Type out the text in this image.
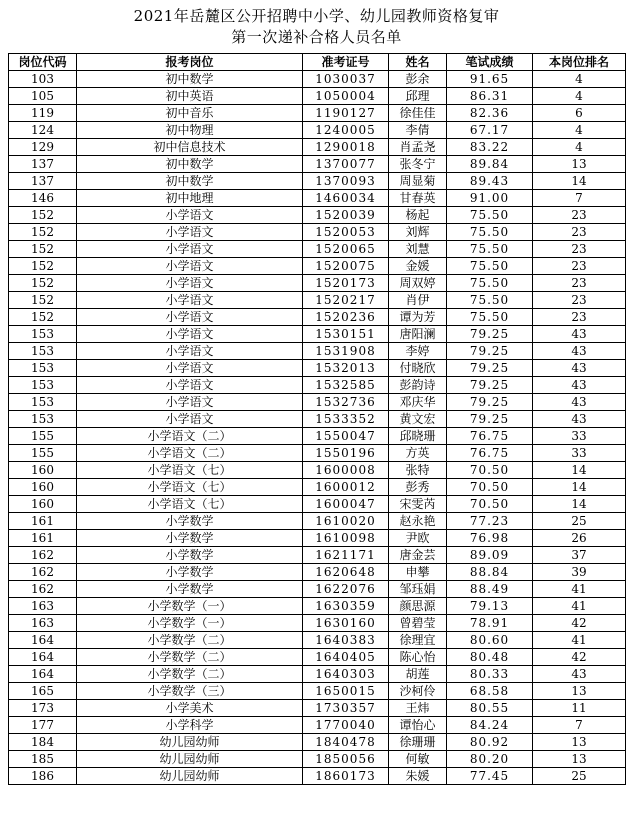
2021年岳麓区公开招聘中小学、幼儿园教师资格复审
第一次递补合格人员名单
岗位代码	报考岗位	准考证号	姓名	笔试成绩	本岗位排名
103	初中数学	1030037	彭余	91.65	4
105	初中英语	1050004	邱理	86.31	4
119	初中音乐	1190127	徐佳佳	82.36	6
124	初中物理	1240005	李倩	67.17	4
129	初中信息技术	1290018	肖孟尧	83.22	4
137	初中数学	1370077	张冬宁	89.84	13
137	初中数学	1370093	周显菊	89.43	14
146	初中地理	1460034	甘春英	91.00	7
152	小学语文	1520039	杨起	75.50	23
152	小学语文	1520053	刘辉	75.50	23
152	小学语文	1520065	刘慧	75.50	23
152	小学语文	1520075	金媛	75.50	23
152	小学语文	1520173	周双婷	75.50	23
152	小学语文	1520217	肖伊	75.50	23
152	小学语文	1520236	谭为芳	75.50	23
153	小学语文	1530151	唐阳澜	79.25	43
153	小学语文	1531908	李婷	79.25	43
153	小学语文	1532013	付晓欣	79.25	43
153	小学语文	1532585	彭韵诗	79.25	43
153	小学语文	1532736	邓庆华	79.25	43
153	小学语文	1533352	黄文宏	79.25	43
155	小学语文（二）	1550047	邱晓珊	76.75	33
155	小学语文（二）	1550196	方英	76.75	33
160	小学语文（七）	1600008	张特	70.50	14
160	小学语文（七）	1600012	彭秀	70.50	14
160	小学语文（七）	1600047	宋雯芮	70.50	14
161	小学数学	1610020	赵永艳	77.23	25
161	小学数学	1610098	尹欧	76.98	26
162	小学数学	1621171	唐金芸	89.09	37
162	小学数学	1620648	申攀	88.84	39
162	小学数学	1622076	邹珏娟	88.49	41
163	小学数学（一）	1630359	颜思源	79.13	41
163	小学数学（一）	1630160	曾碧莹	78.91	42
164	小学数学（二）	1640383	徐理宜	80.60	41
164	小学数学（二）	1640405	陈心怡	80.48	42
164	小学数学（二）	1640303	胡莲	80.33	43
165	小学数学（三）	1650015	沙柯伶	68.58	13
173	小学美术	1730357	王炜	80.55	11
177	小学科学	1770040	谭怡心	84.24	7
184	幼儿园幼师	1840478	徐珊珊	80.92	13
185	幼儿园幼师	1850056	何敏	80.20	13
186	幼儿园幼师	1860173	朱媛	77.45	25
